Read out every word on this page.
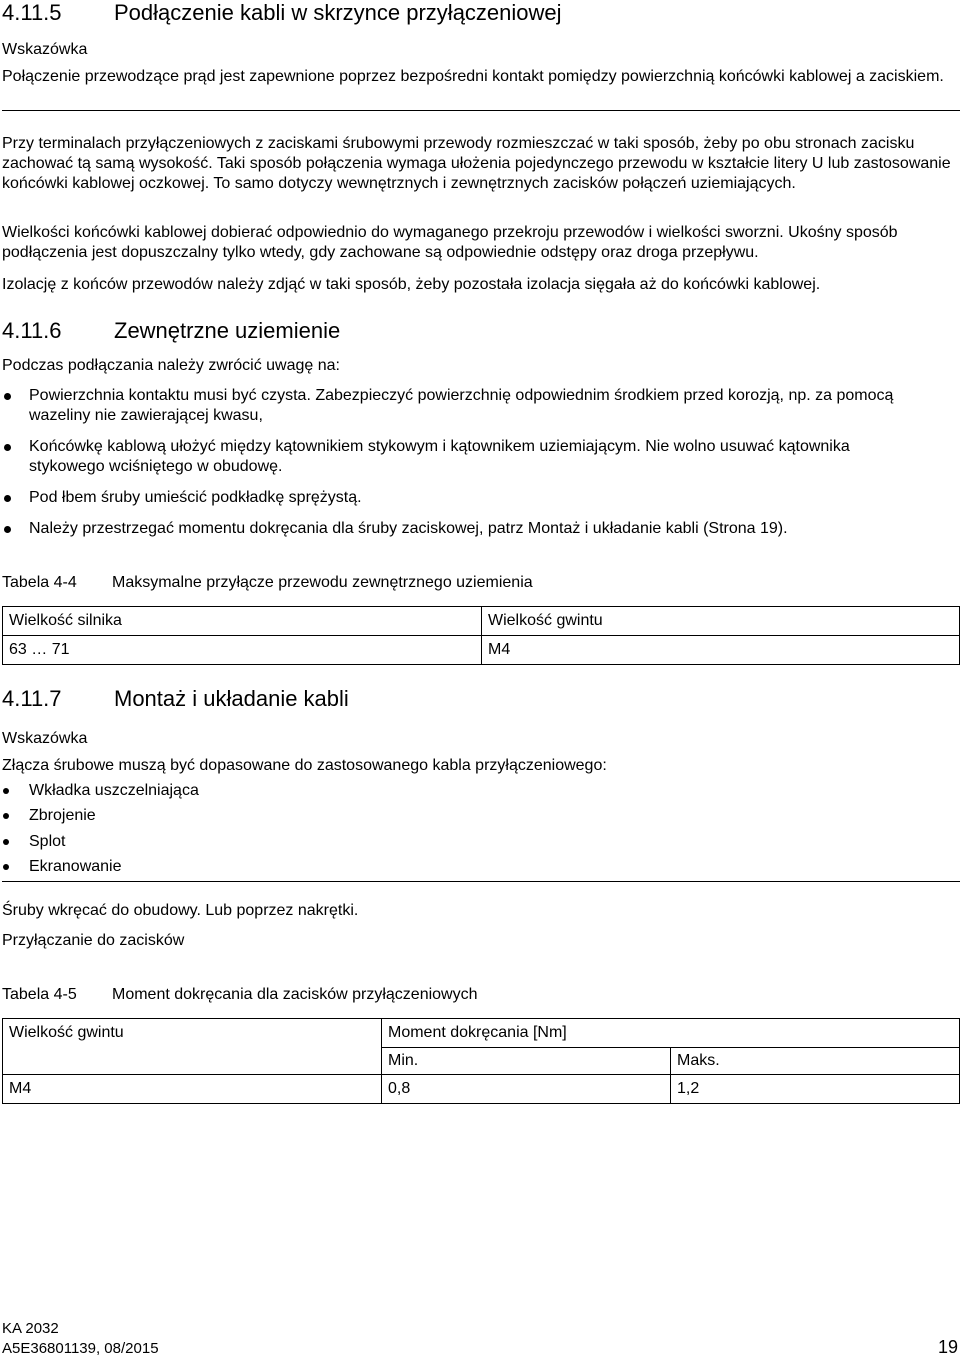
4.11.5 Podłączenie kabli w skrzynce przyłączeniowej
Wskazówka
Połączenie przewodzące prąd jest zapewnione poprzez bezpośredni kontakt pomiędzy powierzchnią końcówki kablowej a zaciskiem.
Przy terminalach przyłączeniowych z zaciskami śrubowymi przewody rozmieszczać w taki sposób, żeby po obu stronach zacisku zachować tą samą wysokość. Taki sposób połączenia wymaga ułożenia pojedynczego przewodu w kształcie litery U lub zastosowanie końcówki kablowej oczkowej. To samo dotyczy wewnętrznych i zewnętrznych zacisków połączeń uziemiających.
Wielkości końcówki kablowej dobierać odpowiednio do wymaganego przekroju przewodów i wielkości sworzni. Ukośny sposób podłączenia jest dopuszczalny tylko wtedy, gdy zachowane są odpowiednie odstępy oraz droga przepływu.
Izolację z końców przewodów należy zdjąć w taki sposób, żeby pozostała izolacja sięgała aż do końcówki kablowej.
4.11.6 Zewnętrzne uziemienie
Podczas podłączania należy zwrócić uwagę na:
Powierzchnia kontaktu musi być czysta. Zabezpieczyć powierzchnię odpowiednim środkiem przed korozją, np. za pomocą wazeliny nie zawierającej kwasu,
Końcówkę kablową ułożyć między kątownikiem stykowym i kątownikem uziemiającym. Nie wolno usuwać kątownika stykowego wciśniętego w obudowę.
Pod łbem śruby umieścić podkładkę sprężystą.
Należy przestrzegać momentu dokręcania dla śruby zaciskowej, patrz Montaż i układanie kabli (Strona 19).
Tabela 4-4 Maksymalne przyłącze przewodu zewnętrznego uziemienia
Wielkość silnika	Wielkość gwintu
63 … 71	M4
4.11.7 Montaż i układanie kabli
Wskazówka
Złącza śrubowe muszą być dopasowane do zastosowanego kabla przyłączeniowego:
Wkładka uszczelniająca
Zbrojenie
Splot
Ekranowanie
Śruby wkręcać do obudowy. Lub poprzez nakrętki.
Przyłączanie do zacisków
Tabela 4-5 Moment dokręcania dla zacisków przyłączeniowych
Wielkość gwintu	Moment dokręcania [Nm]	
	Min.	Maks.
M4	0,8	1,2
KA 2032
A5E36801139, 08/2015	19
